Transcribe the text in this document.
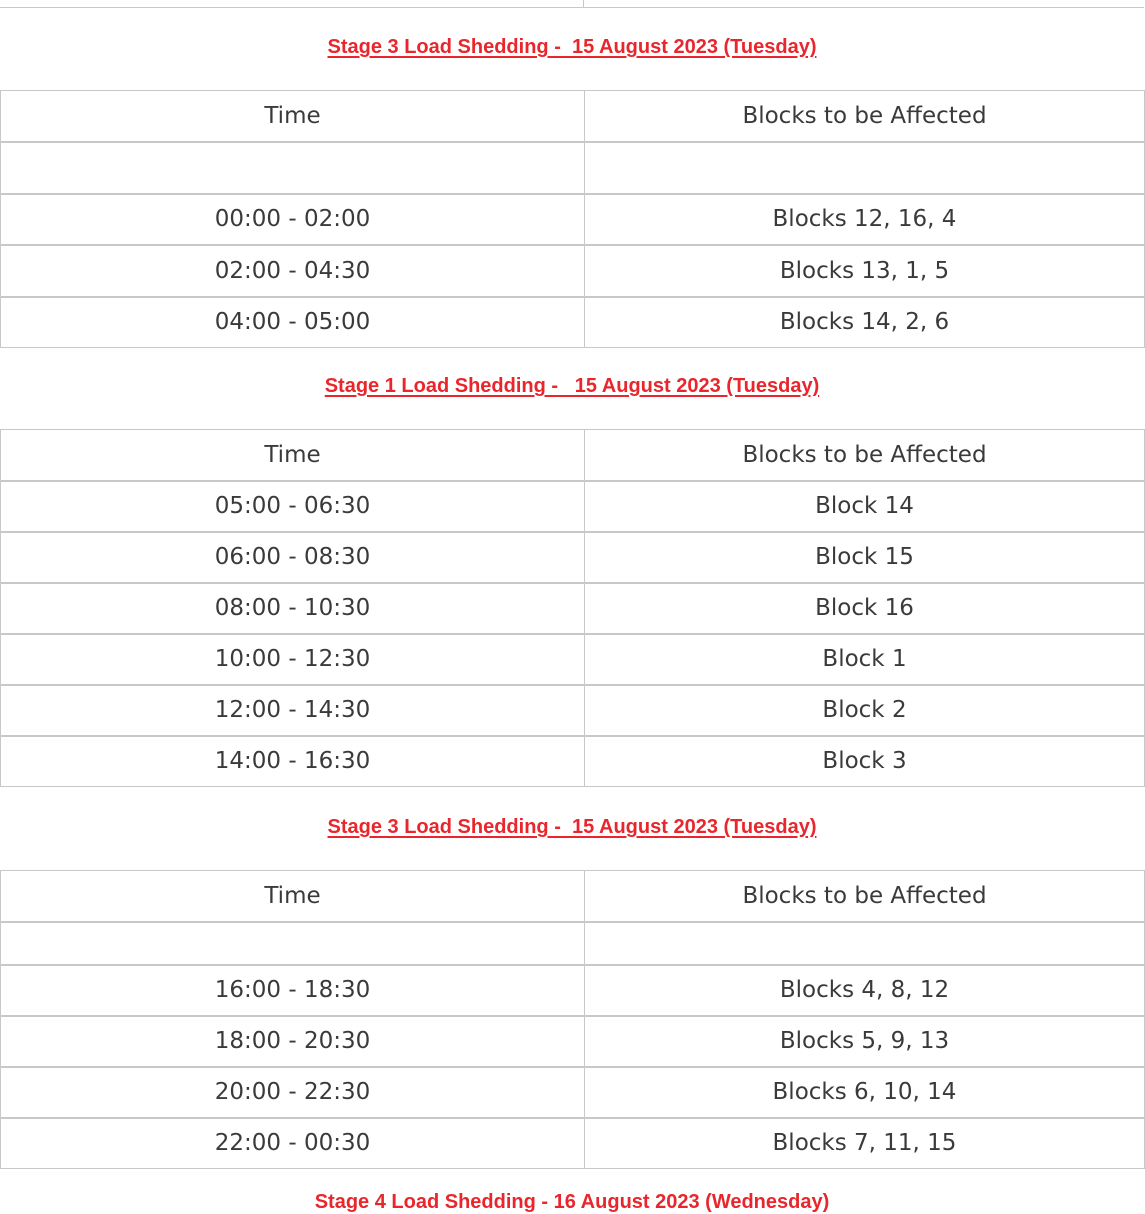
Stage 3 Load Shedding -  15 August 2023 (Tuesday)
Time	Blocks to be Affected

00:00 - 02:00	Blocks 12, 16, 4
02:00 - 04:30	Blocks 13, 1, 5
04:00 - 05:00	Blocks 14, 2, 6
Stage 1 Load Shedding -   15 August 2023 (Tuesday)
Time	Blocks to be Affected
05:00 - 06:30	Block 14
06:00 - 08:30	Block 15
08:00 - 10:30	Block 16
10:00 - 12:30	Block 1
12:00 - 14:30	Block 2
14:00 - 16:30	Block 3
Stage 3 Load Shedding -  15 August 2023 (Tuesday)
Time	Blocks to be Affected

16:00 - 18:30	Blocks 4, 8, 12
18:00 - 20:30	Blocks 5, 9, 13
20:00 - 22:30	Blocks 6, 10, 14
22:00 - 00:30	Blocks 7, 11, 15
Stage 4 Load Shedding - 16 August 2023 (Wednesday)
